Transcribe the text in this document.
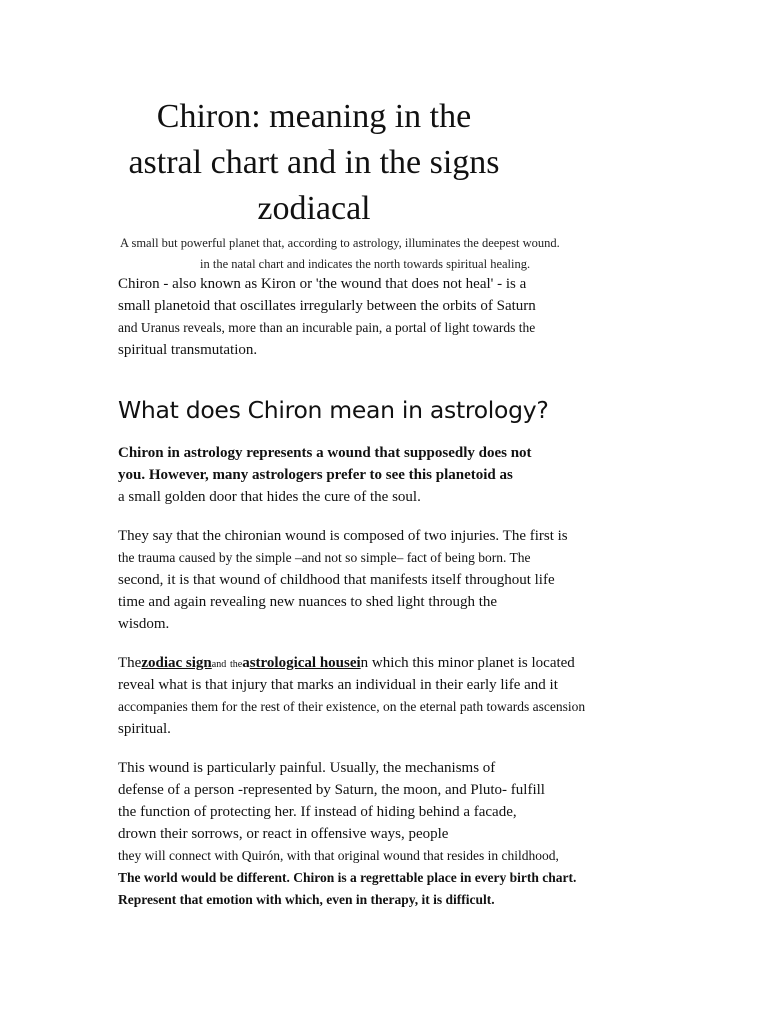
Chiron: meaning in the
astral chart and in the signs
zodiacal
A small but powerful planet that, according to astrology, illuminates the deepest wound.
in the natal chart and indicates the north towards spiritual healing.
Chiron - also known as Kiron or 'the wound that does not heal' - is a
small planetoid that oscillates irregularly between the orbits of Saturn
and Uranus reveals, more than an incurable pain, a portal of light towards the
spiritual transmutation.
What does Chiron mean in astrology?
Chiron in astrology represents a wound that supposedly does not
you. However, many astrologers prefer to see this planetoid as
a small golden door that hides the cure of the soul.
They say that the chironian wound is composed of two injuries. The first is
the trauma caused by the simple –and not so simple– fact of being born. The
second, it is that wound of childhood that manifests itself throughout life
time and again revealing new nuances to shed light through the
wisdom.
Thezodiac signand theastrological housein which this minor planet is located
reveal what is that injury that marks an individual in their early life and it
accompanies them for the rest of their existence, on the eternal path towards ascension
spiritual.
This wound is particularly painful. Usually, the mechanisms of
defense of a person -represented by Saturn, the moon, and Pluto- fulfill
the function of protecting her. If instead of hiding behind a facade,
drown their sorrows, or react in offensive ways, people
they will connect with Quirón, with that original wound that resides in childhood,
The world would be different. Chiron is a regrettable place in every birth chart.
Represent that emotion with which, even in therapy, it is difficult.
